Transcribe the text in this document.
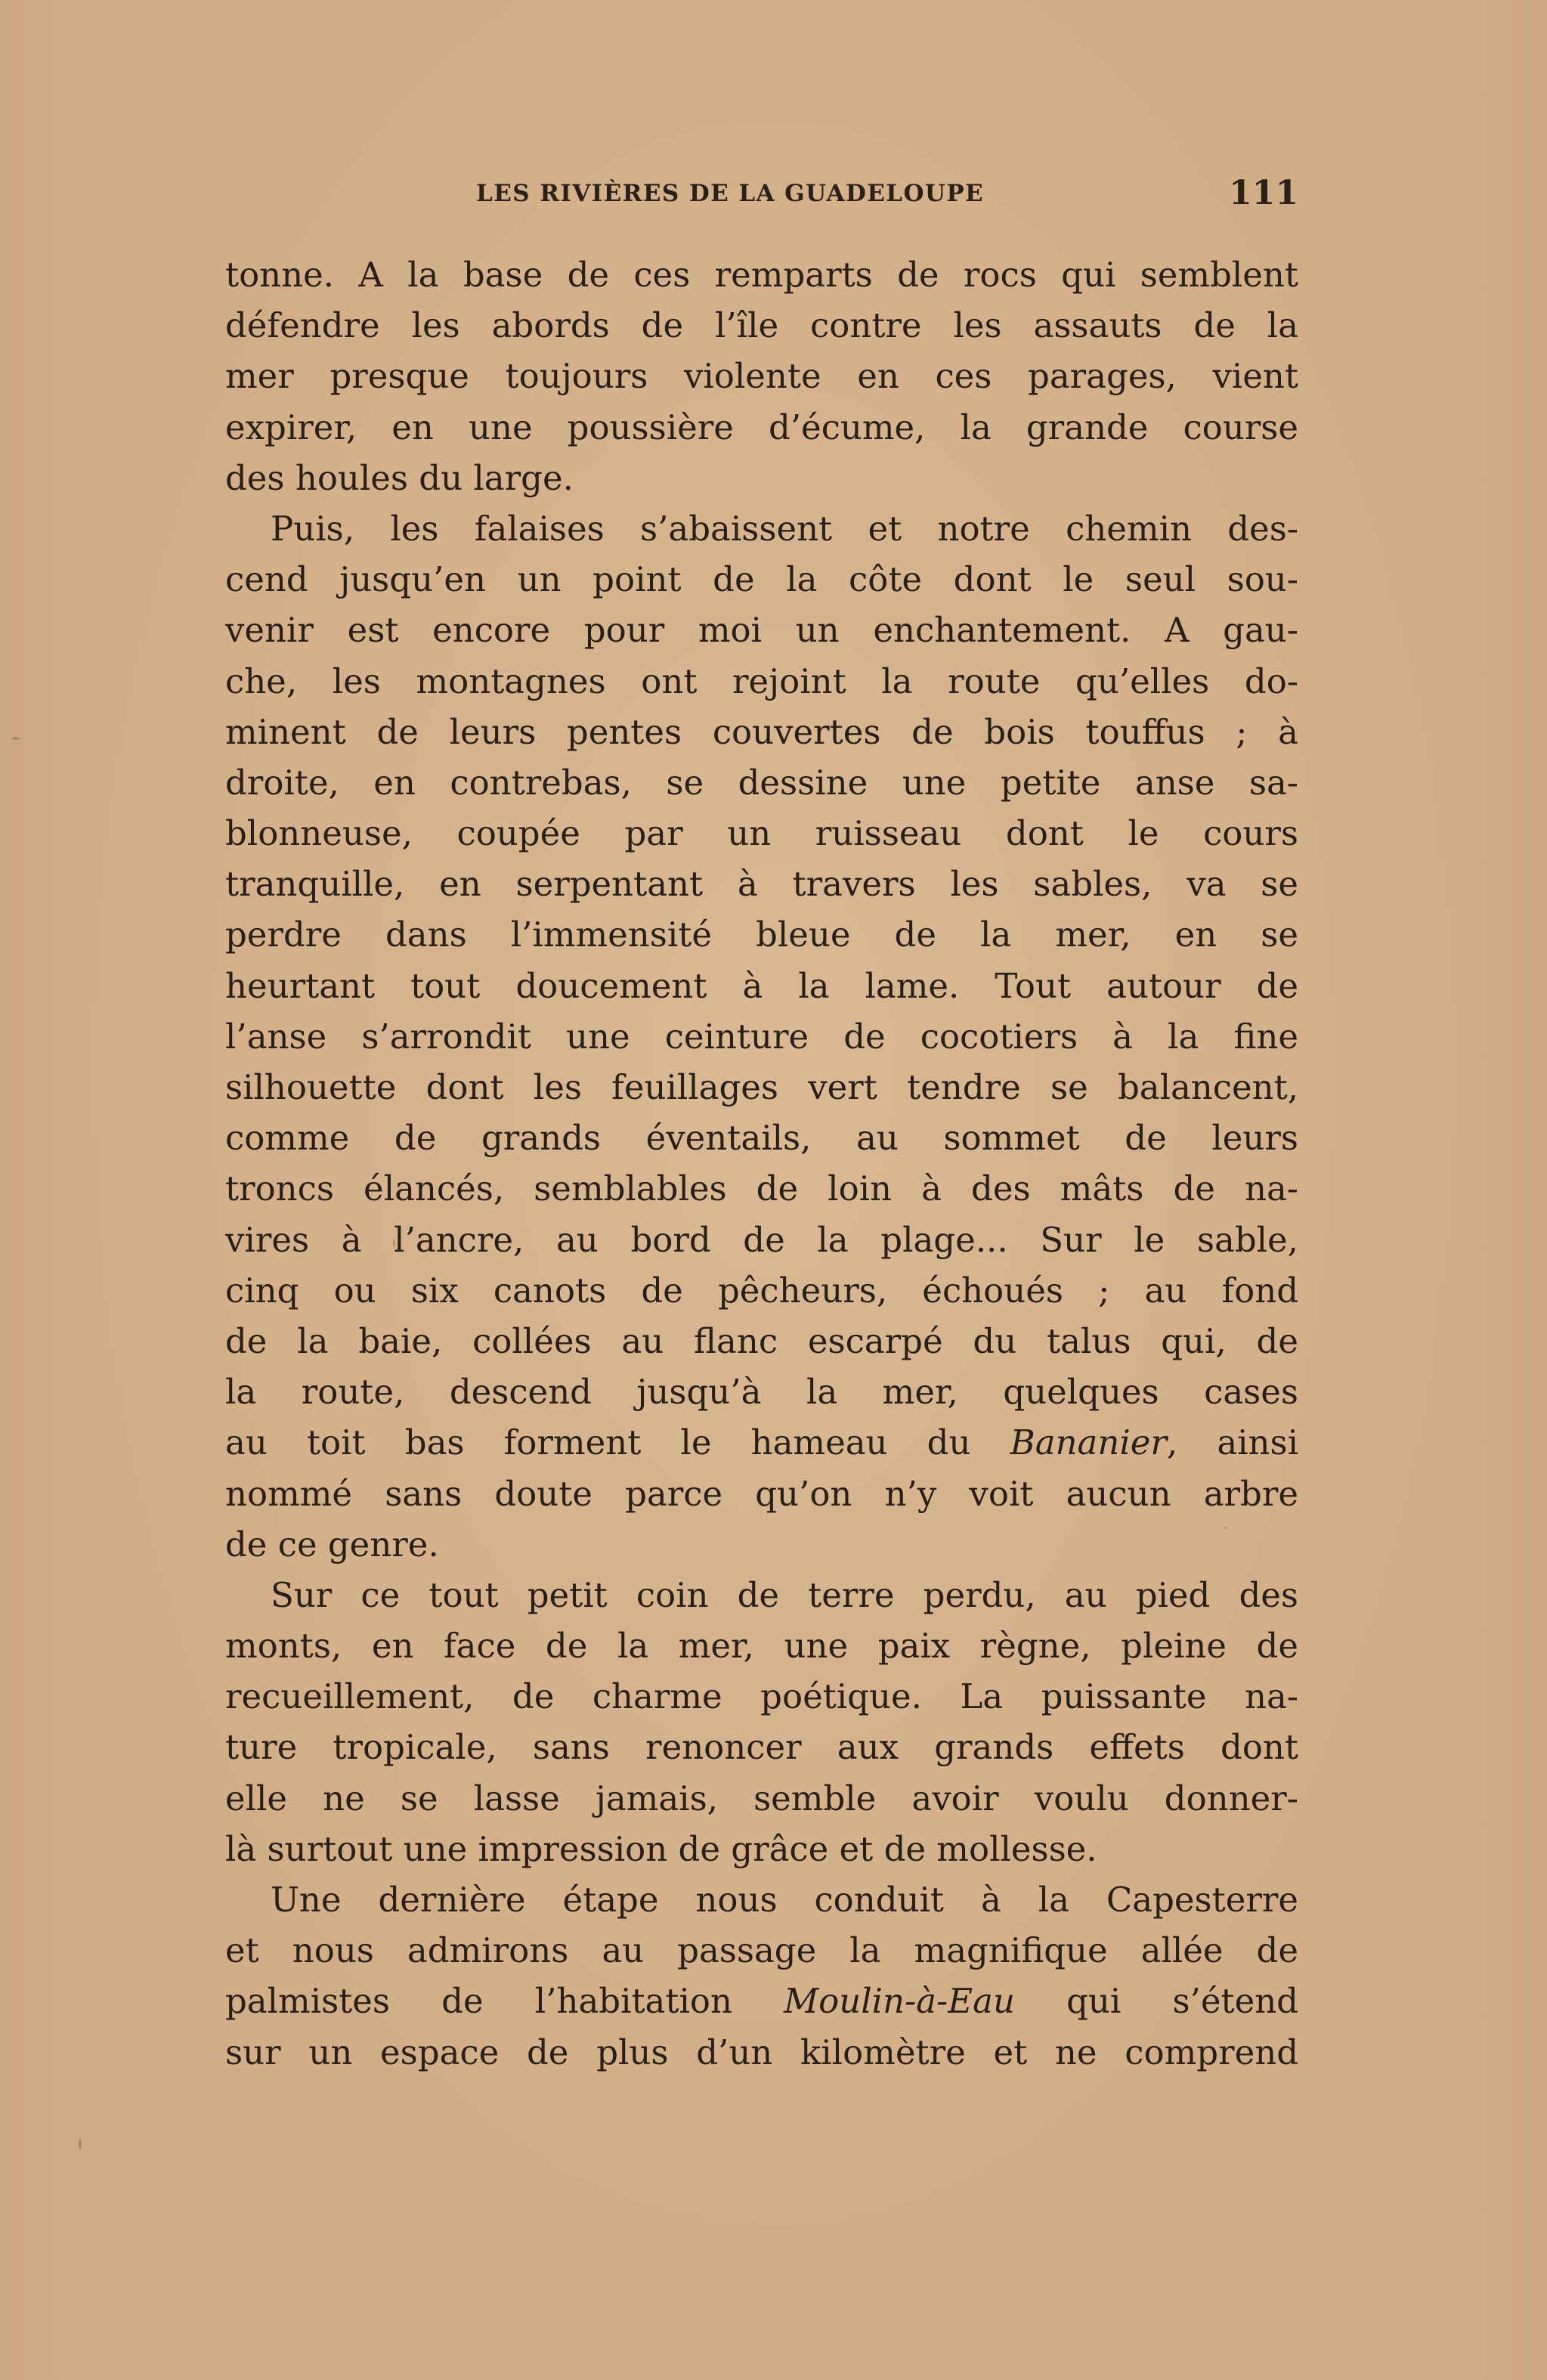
LES RIVIÈRES DE LA GUADELOUPE	111
tonne. A la base de ces remparts de rocs qui semblent
défendre les abords de l’île contre les assauts de la
mer presque toujours violente en ces parages, vient
expirer, en une poussière d’écume, la grande course
des houles du large.
Puis, les falaises s’abaissent et notre chemin des-
cend jusqu’en un point de la côte dont le seul sou-
venir est encore pour moi un enchantement. A gau-
che, les montagnes ont rejoint la route qu’elles do-
minent de leurs pentes couvertes de bois touffus ; à
droite, en contrebas, se dessine une petite anse sa-
blonneuse, coupée par un ruisseau dont le cours
tranquille, en serpentant à travers les sables, va se
perdre dans l’immensité bleue de la mer, en se
heurtant tout doucement à la lame. Tout autour de
l’anse s’arrondit une ceinture de cocotiers à la fine
silhouette dont les feuillages vert tendre se balancent,
comme de grands éventails, au sommet de leurs
troncs élancés, semblables de loin à des mâts de na-
vires à l’ancre, au bord de la plage... Sur le sable,
cinq ou six canots de pêcheurs, échoués ; au fond
de la baie, collées au flanc escarpé du talus qui, de
la route, descend jusqu’à la mer, quelques cases
au toit bas forment le hameau du Bananier, ainsi
nommé sans doute parce qu’on n’y voit aucun arbre
de ce genre.
Sur ce tout petit coin de terre perdu, au pied des
monts, en face de la mer, une paix règne, pleine de
recueillement, de charme poétique. La puissante na-
ture tropicale, sans renoncer aux grands effets dont
elle ne se lasse jamais, semble avoir voulu donner-
là surtout une impression de grâce et de mollesse.
Une dernière étape nous conduit à la Capesterre
et nous admirons au passage la magnifique allée de
palmistes de l’habitation Moulin-à-Eau qui s’étend
sur un espace de plus d’un kilomètre et ne comprend
